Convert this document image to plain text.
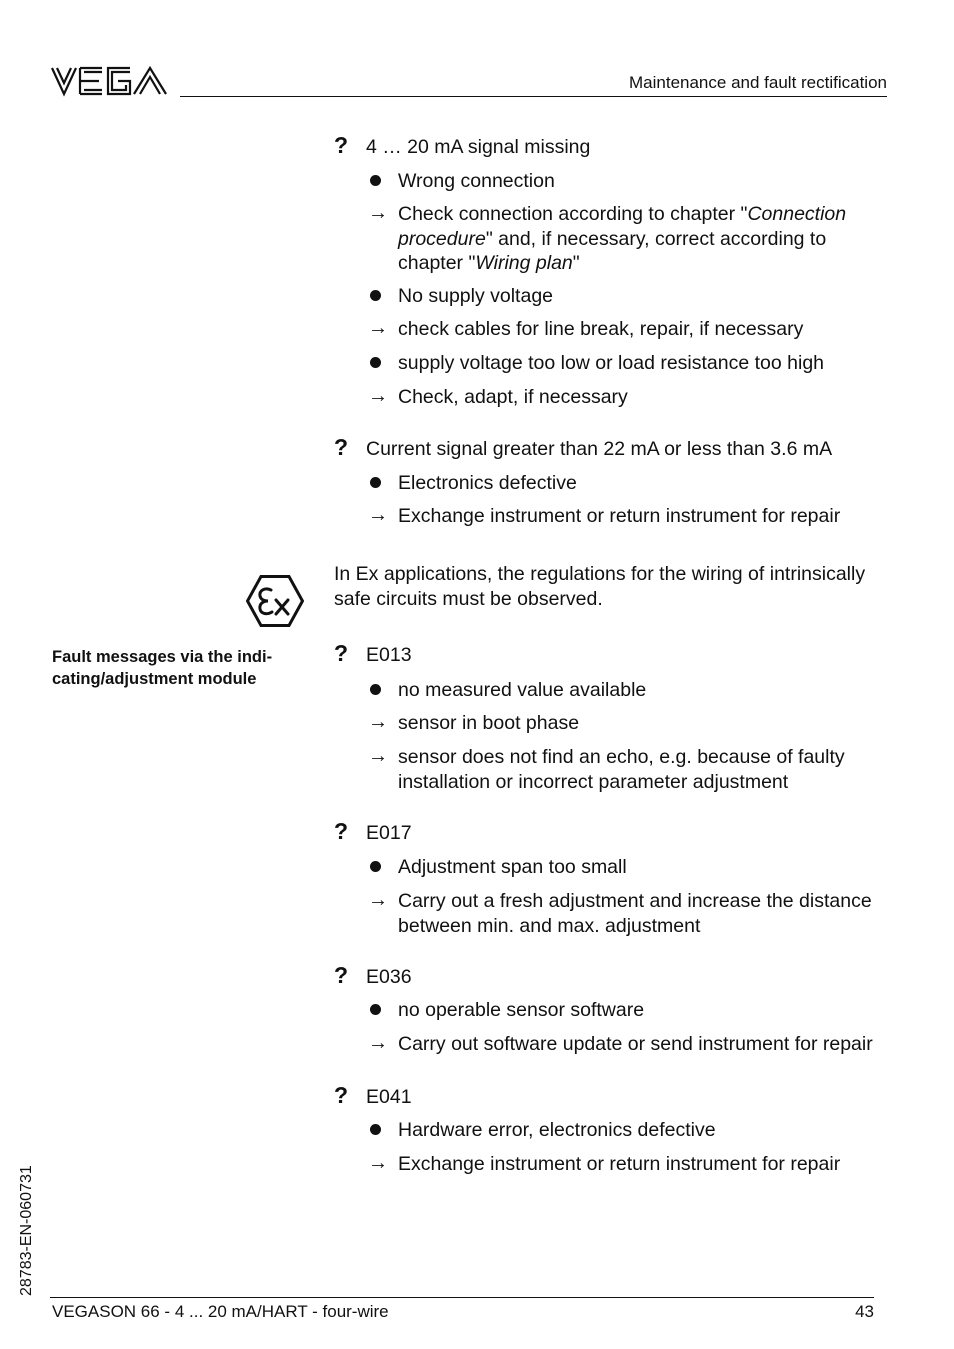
Maintenance and fault rectification
Fault messages via the indi-
cating/adjustment module
? 4 … 20 mA signal missing
Wrong connection
→ Check connection according to chapter "Connection procedure" and, if necessary, correct according to chapter "Wiring plan"
No supply voltage
→ check cables for line break, repair, if necessary
supply voltage too low or load resistance too high
→ Check, adapt, if necessary
? Current signal greater than 22 mA or less than 3.6 mA
Electronics defective
→ Exchange instrument or return instrument for repair
In Ex applications, the regulations for the wiring of intrinsically safe circuits must be observed.
? E013
no measured value available
→ sensor in boot phase
→ sensor does not find an echo, e.g. because of faulty installation or incorrect parameter adjustment
? E017
Adjustment span too small
→ Carry out a fresh adjustment and increase the distance between min. and max. adjustment
? E036
no operable sensor software
→ Carry out software update or send instrument for repair
? E041
Hardware error, electronics defective
→ Exchange instrument or return instrument for repair
28783-EN-060731
VEGASON 66 - 4 ... 20 mA/HART - four-wire	43
